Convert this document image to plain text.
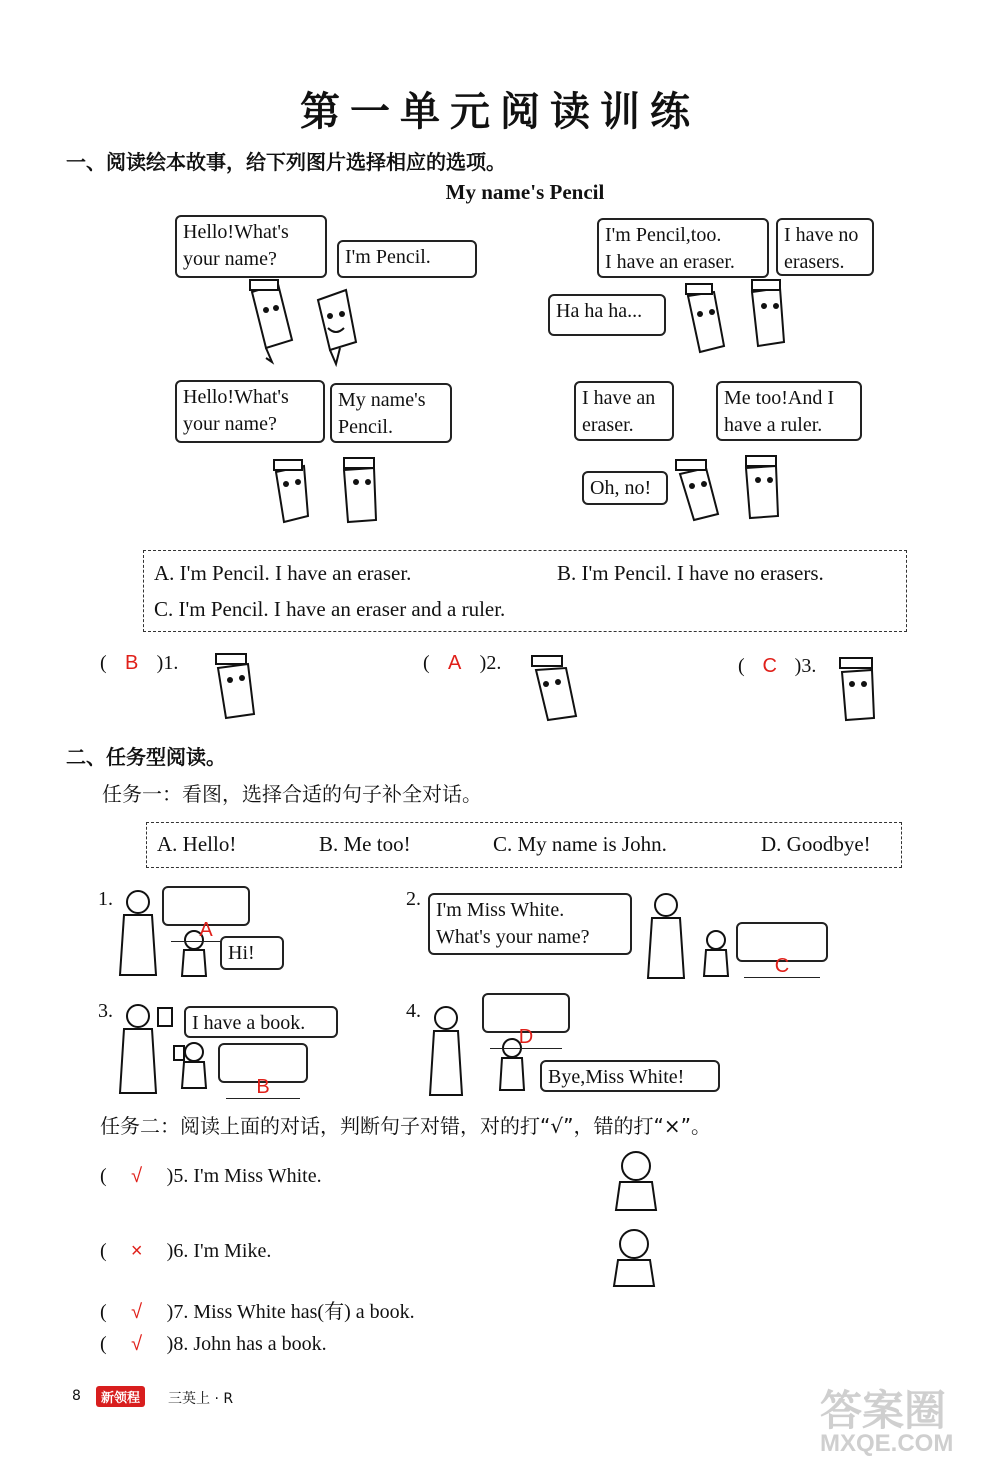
第一单元阅读训练
一、阅读绘本故事，给下列图片选择相应的选项。
My name's Pencil
Hello!What's
your name?	I'm Pencil.
I'm Pencil,too.
I have an eraser.
I have no
erasers.
Ha ha ha...
Hello!What's
your name?
My name's
Pencil.
I have an
eraser.
Me too!And I
have a ruler.
Oh, no!
A. I'm Pencil. I have an eraser.	B. I'm Pencil. I have no erasers.
C. I'm Pencil. I have an eraser and a ruler.
( B )1.	( A )2.	( C )3.
二、任务型阅读。
任务一：看图，选择合适的句子补全对话。
A. Hello!	B. Me too!	C. My name is John.	D. Goodbye!
1.

A

Hi!
2. I'm Miss White.
What's your name?

C

3.
I have a book.

B

4.

D

Bye,Miss White!
任务二：阅读上面的对话，判断句子对错，对的打“√”，错的打“×”。
( √ )5. I'm Miss White.
( × )6. I'm Mike.
( √ )7. Miss White has(有) a book.
( √ )8. John has a book.
8	新领程	三英上 · R	答案圈
MXQE.COM
